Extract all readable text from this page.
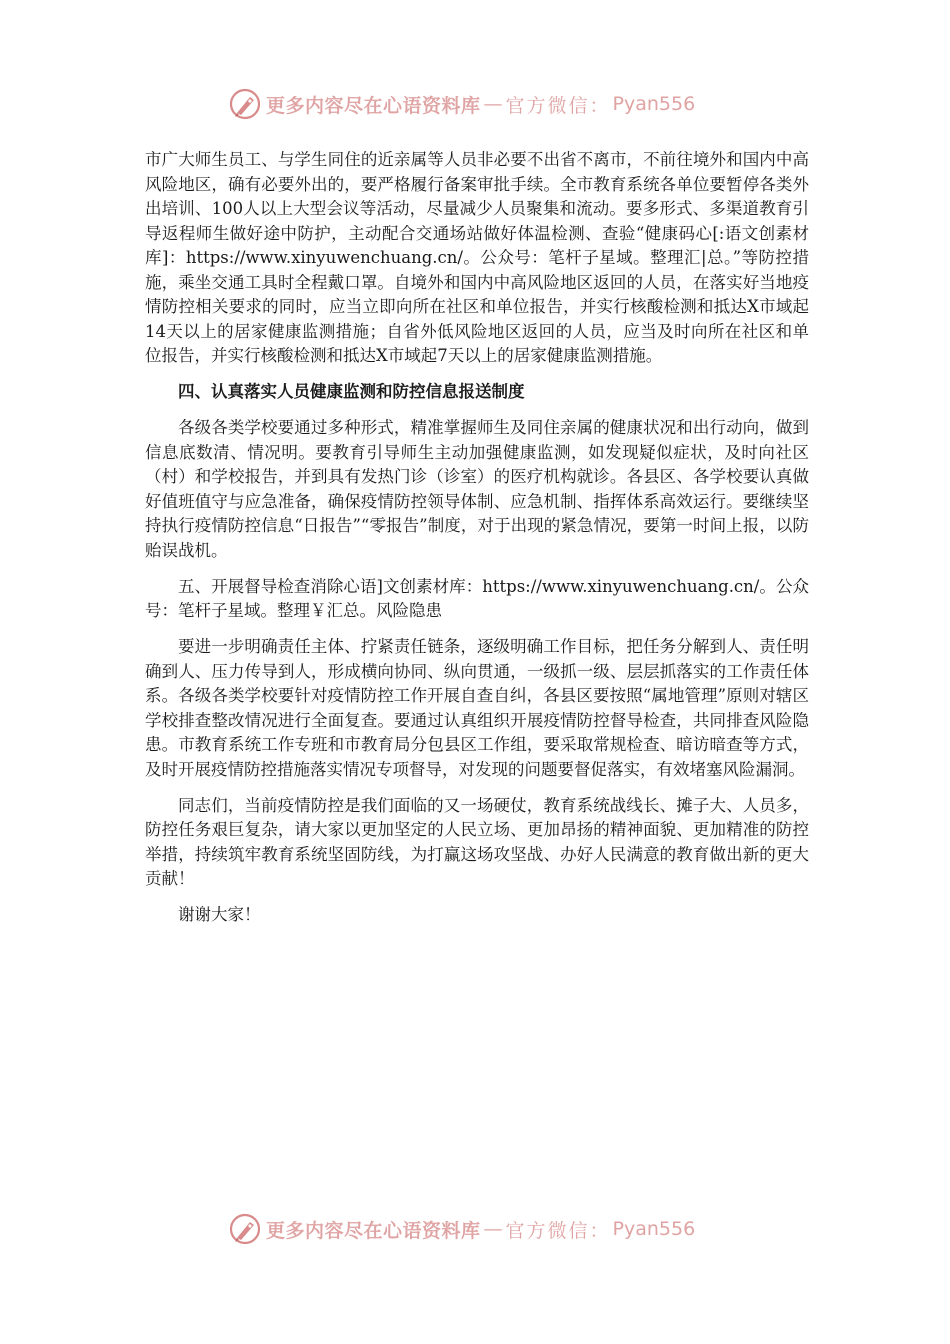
更多内容尽在心语资料库 — 官方微信： Pyan556

市广大师生员工、与学生同住的近亲属等人员非必要不出省不离市，不前往境外和国内中高风险地区，确有必要外出的，要严格履行备案审批手续。全市教育系统各单位要暂停各类外出培训、100人以上大型会议等活动，尽量减少人员聚集和流动。要多形式、多渠道教育引导返程师生做好途中防护，主动配合交通场站做好体温检测、查验“健康码心[:语文创素材库]：https://www.xinyuwenchuang.cn/。公众号：笔杆子星域。整理汇|总。”等防控措施，乘坐交通工具时全程戴口罩。自境外和国内中高风险地区返回的人员，在落实好当地疫情防控相关要求的同时，应当立即向所在社区和单位报告，并实行核酸检测和抵达X市域起14天以上的居家健康监测措施；自省外低风险地区返回的人员，应当及时向所在社区和单位报告，并实行核酸检测和抵达X市域起7天以上的居家健康监测措施。

四、认真落实人员健康监测和防控信息报送制度

各级各类学校要通过多种形式，精准掌握师生及同住亲属的健康状况和出行动向，做到信息底数清、情况明。要教育引导师生主动加强健康监测，如发现疑似症状，及时向社区（村）和学校报告，并到具有发热门诊（诊室）的医疗机构就诊。各县区、各学校要认真做好值班值守与应急准备，确保疫情防控领导体制、应急机制、指挥体系高效运行。要继续坚持执行疫情防控信息“日报告”“零报告”制度，对于出现的紧急情况，要第一时间上报，以防贻误战机。

五、开展督导检查消除心语]文创素材库：https://www.xinyuwenchuang.cn/。公众号：笔杆子星域。整理￥汇总。风险隐患

要进一步明确责任主体、拧紧责任链条，逐级明确工作目标，把任务分解到人、责任明确到人、压力传导到人，形成横向协同、纵向贯通，一级抓一级、层层抓落实的工作责任体系。各级各类学校要针对疫情防控工作开展自查自纠，各县区要按照“属地管理”原则对辖区学校排查整改情况进行全面复查。要通过认真组织开展疫情防控督导检查，共同排查风险隐患。市教育系统工作专班和市教育局分包县区工作组，要采取常规检查、暗访暗查等方式，及时开展疫情防控措施落实情况专项督导，对发现的问题要督促落实，有效堵塞风险漏洞。

同志们，当前疫情防控是我们面临的又一场硬仗，教育系统战线长、摊子大、人员多，防控任务艰巨复杂，请大家以更加坚定的人民立场、更加昂扬的精神面貌、更加精准的防控举措，持续筑牢教育系统坚固防线，为打赢这场攻坚战、办好人民满意的教育做出新的更大贡献！

谢谢大家！

更多内容尽在心语资料库 — 官方微信： Pyan556
